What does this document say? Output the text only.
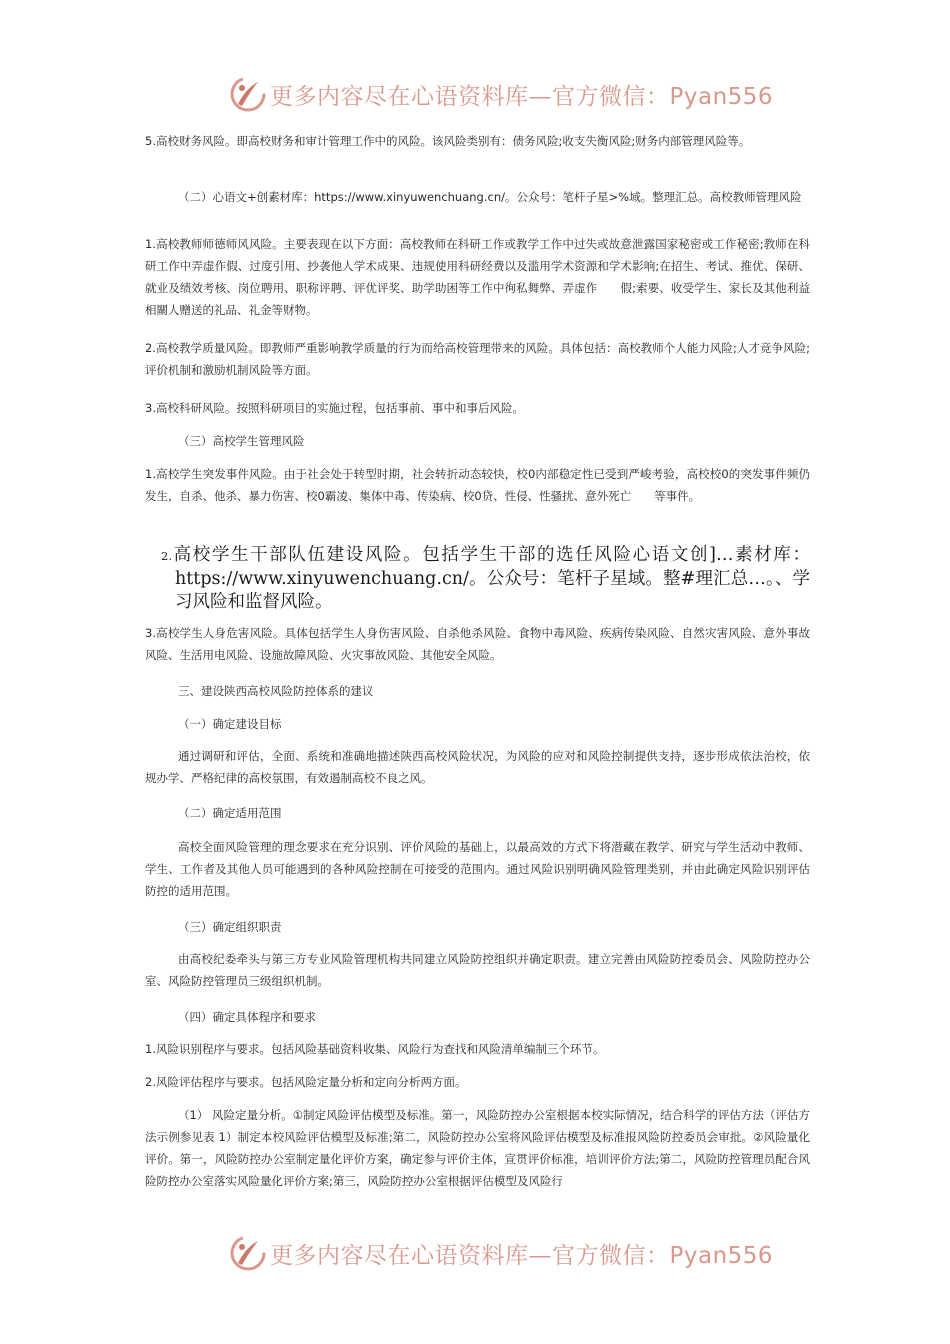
更多内容尽在心语资料库—官方微信：Pyan556

5.高校财务风险。即高校财务和审计管理工作中的风险。该风险类别有：债务风险;收支失衡风险;财务内部管理风险等。

（二）心语文+创素材库：https://www.xinyuwenchuang.cn/。公众号：笔杆子星>%域。整理汇总。高校教师管理风险

1.高校教师师德师风风险。主要表现在以下方面：高校教师在科研工作或教学工作中过失或故意泄露国家秘密或工作秘密;教师在科研工作中弄虚作假、过度引用、抄袭他人学术成果、违规使用科研经费以及滥用学术资源和学术影响;在招生、考试、推优、保研、就业及绩效考核、岗位聘用、职称评聘、评优评奖、助学助困等工作中徇私舞弊、弄虚作　　假;索要、收受学生、家长及其他利益相關人赠送的礼品、礼金等财物。

2.高校教学质量风险。即教师严重影响教学质量的行为而给高校管理带来的风险。具体包括：高校教师个人能力风险;人才竞争风险;评价机制和激励机制风险等方面。

3.高校科研风险。按照科研项目的实施过程，包括事前、事中和事后风险。

（三）高校学生管理风险

1.高校学生突发事件风险。由于社会处于转型时期，社会转折动态较快，校0内部稳定性已受到严峻考验，高校校0的突发事件频仍发生，自杀、他杀、暴力伤害、校0霸凌、集体中毒、传染病、校0贷、性侵、性骚扰、意外死亡　　等事件。

2.高校学生干部队伍建设风险。包括学生干部的选任风险心语文创]…素材库：https://www.xinyuwenchuang.cn/。公众号：笔杆子星域。整#理汇总…。、学习风险和监督风险。

3.高校学生人身危害风险。具体包括学生人身伤害风险、自杀他杀风险、食物中毒风险、疾病传染风险、自然灾害风险、意外事故风险、生活用电风险、设施故障风险、火灾事故风险、其他安全风险。

三、建设陕西高校风险防控体系的建议

（一）确定建设目标

通过调研和评估，全面、系统和准确地描述陕西高校风险状况，为风险的应对和风险控制提供支持，逐步形成依法治校，依规办学、严格纪律的高校氛围，有效遏制高校不良之风。

（二）确定适用范围

高校全面风险管理的理念要求在充分识别、评价风险的基础上，以最高效的方式下将潜藏在教学、研究与学生活动中教师、学生、工作者及其他人员可能遇到的各种风险控制在可接受的范围内。通过风险识别明确风险管理类别，并由此确定风险识别评估防控的适用范围。

（三）确定组织职责

由高校纪委牵头与第三方专业风险管理机构共同建立风险防控组织并确定职责。建立完善由风险防控委员会、风险防控办公室、风险防控管理员三级组织机制。

（四）确定具体程序和要求

1.风险识别程序与要求。包括风险基础资料收集、风险行为查找和风险清单编制三个环节。

2.风险评估程序与要求。包括风险定量分析和定向分析两方面。

（1） 风险定量分析。①制定风险评估模型及标准。第一，风险防控办公室根据本校实际情况，结合科学的评估方法（评估方法示例参见表 1）制定本校风险评估模型及标准;第二，风险防控办公室将风险评估模型及标准报风险防控委员会审批。②风险量化评价。第一，风险防控办公室制定量化评价方案，确定参与评价主体，宣贯评价标准，培训评价方法;第二，风险防控管理员配合风险防控办公室落实风险量化评价方案;第三，风险防控办公室根据评估模型及风险行

更多内容尽在心语资料库—官方微信：Pyan556
